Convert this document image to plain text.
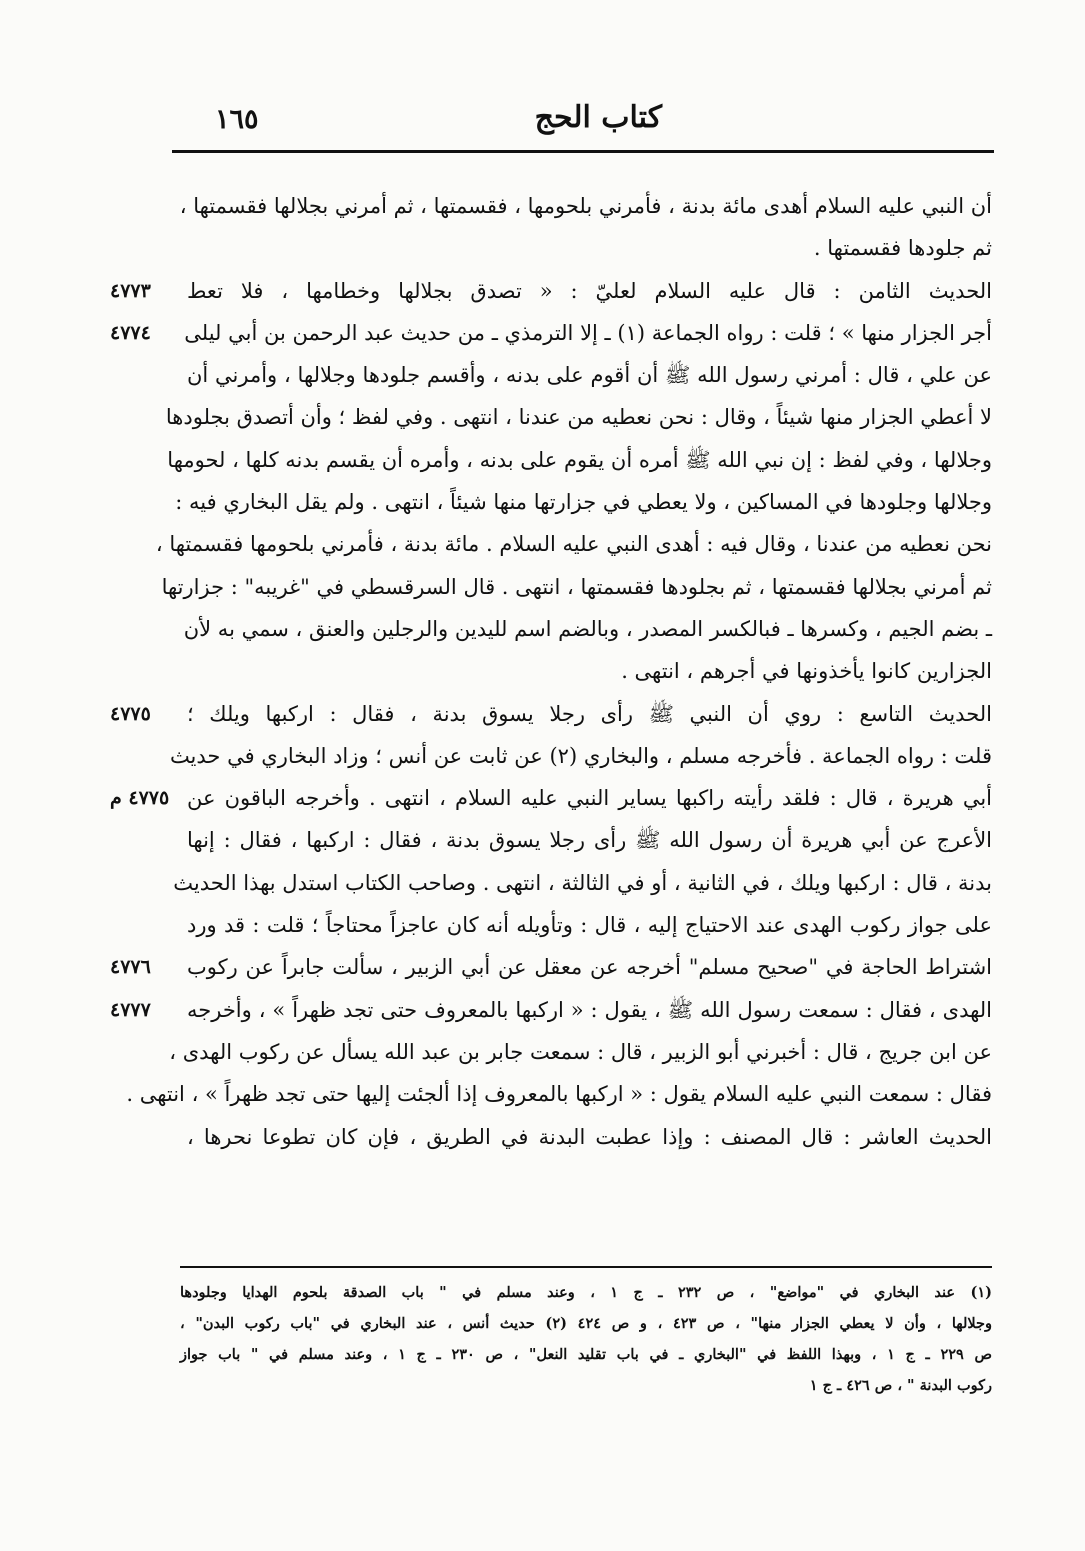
كتاب الحج
١٦٥
أن النبي عليه السلام أهدى مائة بدنة ، فأمرني بلحومها ، فقسمتها ، ثم أمرني بجلالها فقسمتها ،
ثم جلودها فقسمتها .
الحديث الثامن : قال عليه السلام لعليّ : « تصدق بجلالها وخطامها ، فلا تعط
٤٧٧٣
أجر الجزار منها » ؛ قلت : رواه الجماعة (١) ـ إلا الترمذي ـ من حديث عبد الرحمن بن أبي ليلى
٤٧٧٤
عن علي ، قال : أمرني رسول الله ﷺ أن أقوم على بدنه ، وأقسم جلودها وجلالها ، وأمرني أن
لا أعطي الجزار منها شيئاً ، وقال : نحن نعطيه من عندنا ، انتهى . وفي لفظ ؛ وأن أتصدق بجلودها
وجلالها ، وفي لفظ : إن نبي الله ﷺ أمره أن يقوم على بدنه ، وأمره أن يقسم بدنه كلها ، لحومها
وجلالها وجلودها في المساكين ، ولا يعطي في جزارتها منها شيئاً ، انتهى . ولم يقل البخاري فيه :
نحن نعطيه من عندنا ، وقال فيه : أهدى النبي عليه السلام . مائة بدنة ، فأمرني بلحومها فقسمتها ،
ثم أمرني بجلالها فقسمتها ، ثم بجلودها فقسمتها ، انتهى . قال السرقسطي في "غريبه" : جزارتها
ـ بضم الجيم ، وكسرها ـ فبالكسر المصدر ، وبالضم اسم لليدين والرجلين والعنق ، سمي به لأن
الجزارين كانوا يأخذونها في أجرهم ، انتهى .
الحديث التاسع : روي أن النبي ﷺ رأى رجلا يسوق بدنة ، فقال : اركبها ويلك ؛
٤٧٧٥
قلت : رواه الجماعة . فأخرجه مسلم ، والبخاري (٢) عن ثابت عن أنس ؛ وزاد البخاري في حديث
أبي هريرة ، قال : فلقد رأيته راكبها يساير النبي عليه السلام ، انتهى . وأخرجه الباقون عن
٤٧٧٥ م
الأعرج عن أبي هريرة أن رسول الله ﷺ رأى رجلا يسوق بدنة ، فقال : اركبها ، فقال : إنها
بدنة ، قال : اركبها ويلك ، في الثانية ، أو في الثالثة ، انتهى . وصاحب الكتاب استدل بهذا الحديث
على جواز ركوب الهدى عند الاحتياج إليه ، قال : وتأويله أنه كان عاجزاً محتاجاً ؛ قلت : قد ورد
اشتراط الحاجة في "صحيح مسلم" أخرجه عن معقل عن أبي الزبير ، سألت جابراً عن ركوب
٤٧٧٦
الهدى ، فقال : سمعت رسول الله ﷺ ، يقول : « اركبها بالمعروف حتى تجد ظهراً » ، وأخرجه
٤٧٧٧
عن ابن جريج ، قال : أخبرني أبو الزبير ، قال : سمعت جابر بن عبد الله يسأل عن ركوب الهدى ،
فقال : سمعت النبي عليه السلام يقول : « اركبها بالمعروف إذا ألجئت إليها حتى تجد ظهراً » ، انتهى .
الحديث العاشر : قال المصنف : وإذا عطبت البدنة في الطريق ، فإن كان تطوعا نحرها ،
(١) عند البخاري في "مواضع" ، ص ٢٣٢ ـ ج ١ ، وعند مسلم في " باب الصدقة بلحوم الهدايا وجلودها
وجلالها ، وأن لا يعطي الجزار منها" ، ص ٤٢٣ ، و ص ٤٢٤ (٢) حديث أنس ، عند البخاري في "باب ركوب البدن" ،
ص ٢٢٩ ـ ج ١ ، وبهذا اللفظ في "البخاري ـ في باب تقليد النعل" ، ص ٢٣٠ ـ ج ١ ، وعند مسلم في " باب جواز
ركوب البدنة " ، ص ٤٢٦ ـ ج ١
